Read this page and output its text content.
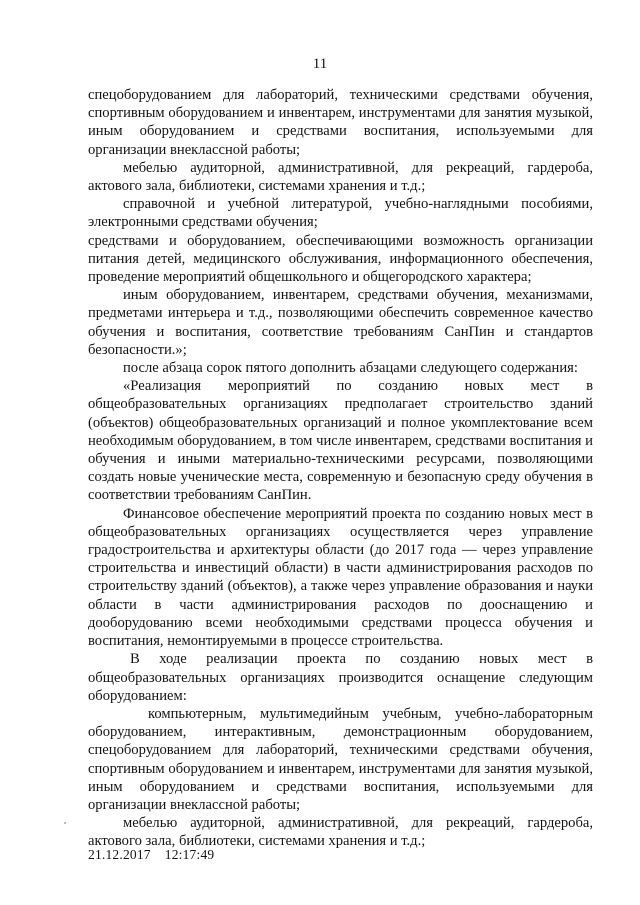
11

спецоборудованием для лабораторий, техническими средствами обучения, спортивным оборудованием и инвентарем, инструментами для занятия музыкой, иным оборудованием и средствами воспитания, используемыми для организации внеклассной работы;

мебелью аудиторной, административной, для рекреаций, гардероба, актового зала, библиотеки, системами хранения и т.д.;

справочной и учебной литературой, учебно-наглядными пособиями, электронными средствами обучения;

средствами и оборудованием, обеспечивающими возможность организации питания детей, медицинского обслуживания, информационного обеспечения, проведение мероприятий общешкольного и общегородского характера;

иным оборудованием, инвентарем, средствами обучения, механизмами, предметами интерьера и т.д., позволяющими обеспечить современное качество обучения и воспитания, соответствие требованиям СанПин и стандартов безопасности.»;

после абзаца сорок пятого дополнить абзацами следующего содержания:

«Реализация мероприятий по созданию новых мест в общеобразовательных организациях предполагает строительство зданий (объектов) общеобразовательных организаций и полное укомплектование всем необходимым оборудованием, в том числе инвентарем, средствами воспитания и обучения и иными материально-техническими ресурсами, позволяющими создать новые ученические места, современную и безопасную среду обучения в соответствии требованиям СанПин.

Финансовое обеспечение мероприятий проекта по созданию новых мест в общеобразовательных организациях осуществляется через управление градостроительства и архитектуры области (до 2017 года — через управление строительства и инвестиций области) в части администрирования расходов по строительству зданий (объектов), а также через управление образования и науки области в части администрирования расходов по дооснащению и дооборудованию всеми необходимыми средствами процесса обучения и воспитания, немонтируемыми в процессе строительства.

В ходе реализации проекта по созданию новых мест в общеобразовательных организациях производится оснащение следующим оборудованием:

компьютерным, мультимедийным учебным, учебно-лабораторным оборудованием, интерактивным, демонстрационным оборудованием, спецоборудованием для лабораторий, техническими средствами обучения, спортивным оборудованием и инвентарем, инструментами для занятия музыкой, иным оборудованием и средствами воспитания, используемыми для организации внеклассной работы;

мебелью аудиторной, административной, для рекреаций, гардероба, актового зала, библиотеки, системами хранения и т.д.;

21.12.2017 12:17:49
